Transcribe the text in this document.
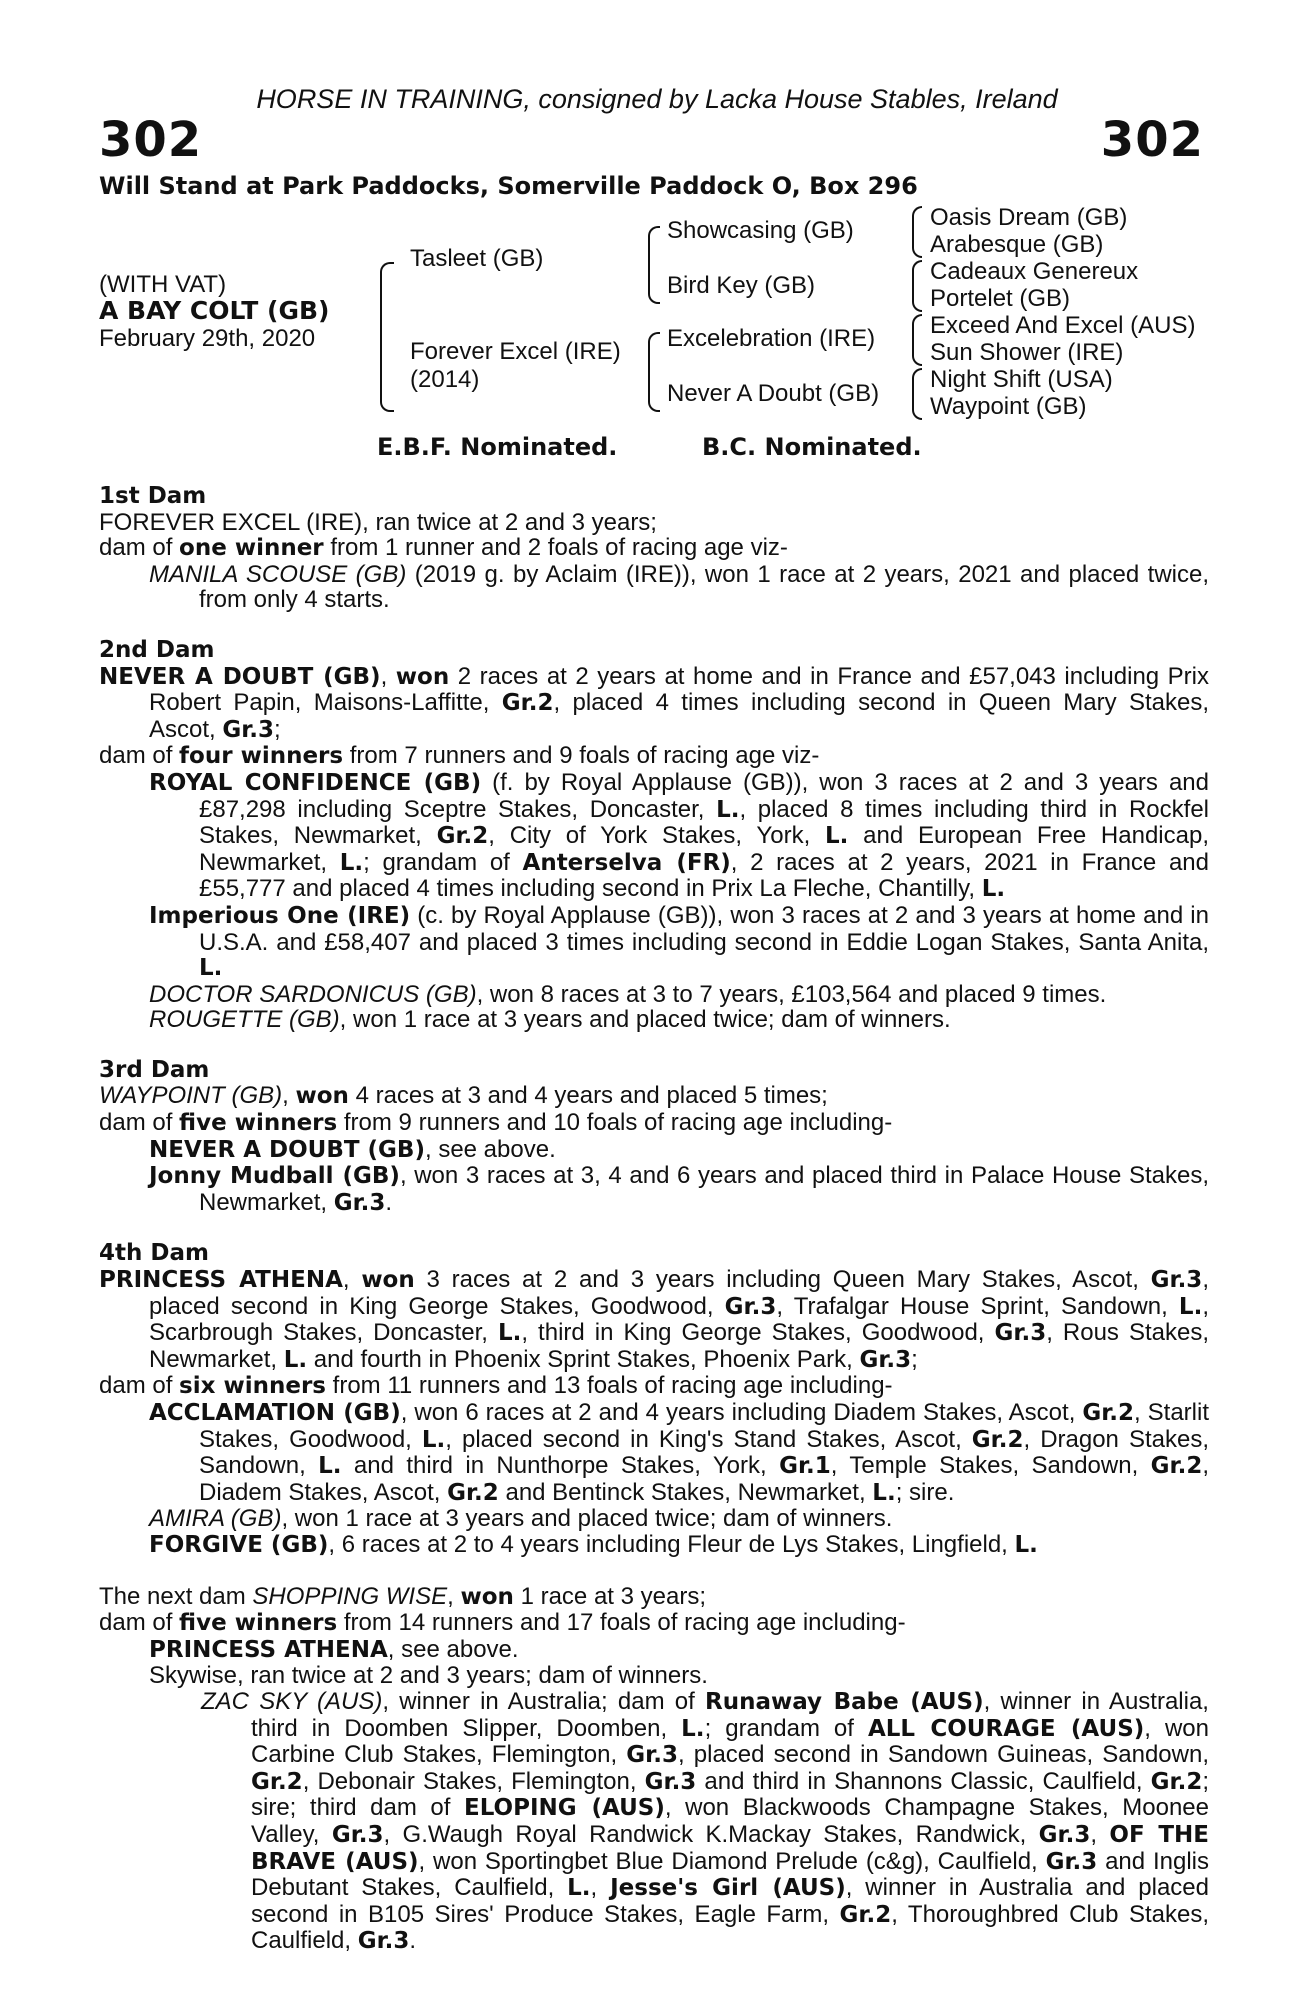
HORSE IN TRAINING, consigned by Lacka House Stables, Ireland
302	302
Will Stand at Park Paddocks, Somerville Paddock O, Box 296
(WITH VAT)
A BAY COLT (GB)
February 29th, 2020
Tasleet (GB)
Forever Excel (IRE)
(2014)
Showcasing (GB)
Bird Key (GB)
Excelebration (IRE)
Never A Doubt (GB)
Oasis Dream (GB)
Arabesque (GB)
Cadeaux Genereux
Portelet (GB)
Exceed And Excel (AUS)
Sun Shower (IRE)
Night Shift (USA)
Waypoint (GB)
E.B.F. Nominated.	B.C. Nominated.
1st Dam
FOREVER EXCEL (IRE), ran twice at 2 and 3 years;
dam of one winner from 1 runner and 2 foals of racing age viz-
MANILA SCOUSE (GB) (2019 g. by Aclaim (IRE)), won 1 race at 2 years, 2021 and placed twice, from only 4 starts.
2nd Dam
NEVER A DOUBT (GB), won 2 races at 2 years at home and in France and £57,043 including Prix Robert Papin, Maisons-Laffitte, Gr.2, placed 4 times including second in Queen Mary Stakes, Ascot, Gr.3;
dam of four winners from 7 runners and 9 foals of racing age viz-
ROYAL CONFIDENCE (GB) (f. by Royal Applause (GB)), won 3 races at 2 and 3 years and £87,298 including Sceptre Stakes, Doncaster, L., placed 8 times including third in Rockfel Stakes, Newmarket, Gr.2, City of York Stakes, York, L. and European Free Handicap, Newmarket, L.; grandam of Anterselva (FR), 2 races at 2 years, 2021 in France and £55,777 and placed 4 times including second in Prix La Fleche, Chantilly, L.
Imperious One (IRE) (c. by Royal Applause (GB)), won 3 races at 2 and 3 years at home and in U.S.A. and £58,407 and placed 3 times including second in Eddie Logan Stakes, Santa Anita, L.
DOCTOR SARDONICUS (GB), won 8 races at 3 to 7 years, £103,564 and placed 9 times.
ROUGETTE (GB), won 1 race at 3 years and placed twice; dam of winners.
3rd Dam
WAYPOINT (GB), won 4 races at 3 and 4 years and placed 5 times;
dam of five winners from 9 runners and 10 foals of racing age including-
NEVER A DOUBT (GB), see above.
Jonny Mudball (GB), won 3 races at 3, 4 and 6 years and placed third in Palace House Stakes, Newmarket, Gr.3.
4th Dam
PRINCESS ATHENA, won 3 races at 2 and 3 years including Queen Mary Stakes, Ascot, Gr.3, placed second in King George Stakes, Goodwood, Gr.3, Trafalgar House Sprint, Sandown, L., Scarbrough Stakes, Doncaster, L., third in King George Stakes, Goodwood, Gr.3, Rous Stakes, Newmarket, L. and fourth in Phoenix Sprint Stakes, Phoenix Park, Gr.3;
dam of six winners from 11 runners and 13 foals of racing age including-
ACCLAMATION (GB), won 6 races at 2 and 4 years including Diadem Stakes, Ascot, Gr.2, Starlit Stakes, Goodwood, L., placed second in King's Stand Stakes, Ascot, Gr.2, Dragon Stakes, Sandown, L. and third in Nunthorpe Stakes, York, Gr.1, Temple Stakes, Sandown, Gr.2, Diadem Stakes, Ascot, Gr.2 and Bentinck Stakes, Newmarket, L.; sire.
AMIRA (GB), won 1 race at 3 years and placed twice; dam of winners.
FORGIVE (GB), 6 races at 2 to 4 years including Fleur de Lys Stakes, Lingfield, L.
The next dam SHOPPING WISE, won 1 race at 3 years;
dam of five winners from 14 runners and 17 foals of racing age including-
PRINCESS ATHENA, see above.
Skywise, ran twice at 2 and 3 years; dam of winners.
ZAC SKY (AUS), winner in Australia; dam of Runaway Babe (AUS), winner in Australia, third in Doomben Slipper, Doomben, L.; grandam of ALL COURAGE (AUS), won Carbine Club Stakes, Flemington, Gr.3, placed second in Sandown Guineas, Sandown, Gr.2, Debonair Stakes, Flemington, Gr.3 and third in Shannons Classic, Caulfield, Gr.2; sire; third dam of ELOPING (AUS), won Blackwoods Champagne Stakes, Moonee Valley, Gr.3, G.Waugh Royal Randwick K.Mackay Stakes, Randwick, Gr.3, OF THE BRAVE (AUS), won Sportingbet Blue Diamond Prelude (c&g), Caulfield, Gr.3 and Inglis Debutant Stakes, Caulfield, L., Jesse's Girl (AUS), winner in Australia and placed second in B105 Sires' Produce Stakes, Eagle Farm, Gr.2, Thoroughbred Club Stakes, Caulfield, Gr.3.
